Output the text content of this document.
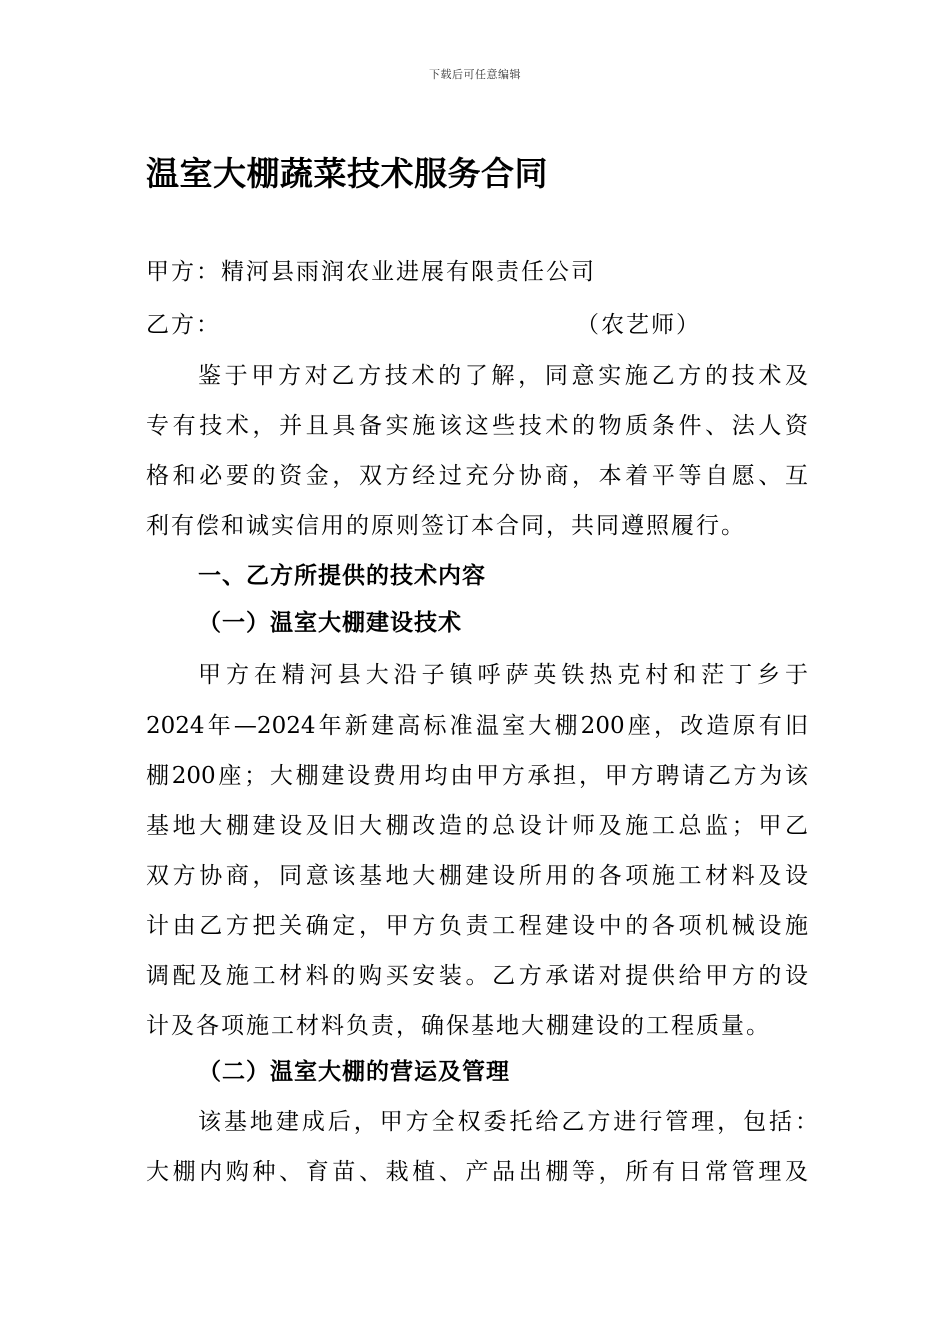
下载后可任意编辑
温室大棚蔬菜技术服务合同
甲方：精河县雨润农业进展有限责任公司
乙方：	（农艺师）
鉴于甲方对乙方技术的了解，同意实施乙方的技术及
专有技术，并且具备实施该这些技术的物质条件、法人资
格和必要的资金，双方经过充分协商，本着平等自愿、互
利有偿和诚实信用的原则签订本合同，共同遵照履行。
一、乙方所提供的技术内容
（一）温室大棚建设技术
甲方在精河县大沿子镇呼萨英铁热克村和茫丁乡于
2024年—2024年新建高标准温室大棚200座，改造原有旧
棚200座；大棚建设费用均由甲方承担，甲方聘请乙方为该
基地大棚建设及旧大棚改造的总设计师及施工总监；甲乙
双方协商，同意该基地大棚建设所用的各项施工材料及设
计由乙方把关确定，甲方负责工程建设中的各项机械设施
调配及施工材料的购买安装。乙方承诺对提供给甲方的设
计及各项施工材料负责，确保基地大棚建设的工程质量。
（二）温室大棚的营运及管理
该基地建成后，甲方全权委托给乙方进行管理，包括：
大棚内购种、育苗、栽植、产品出棚等，所有日常管理及
